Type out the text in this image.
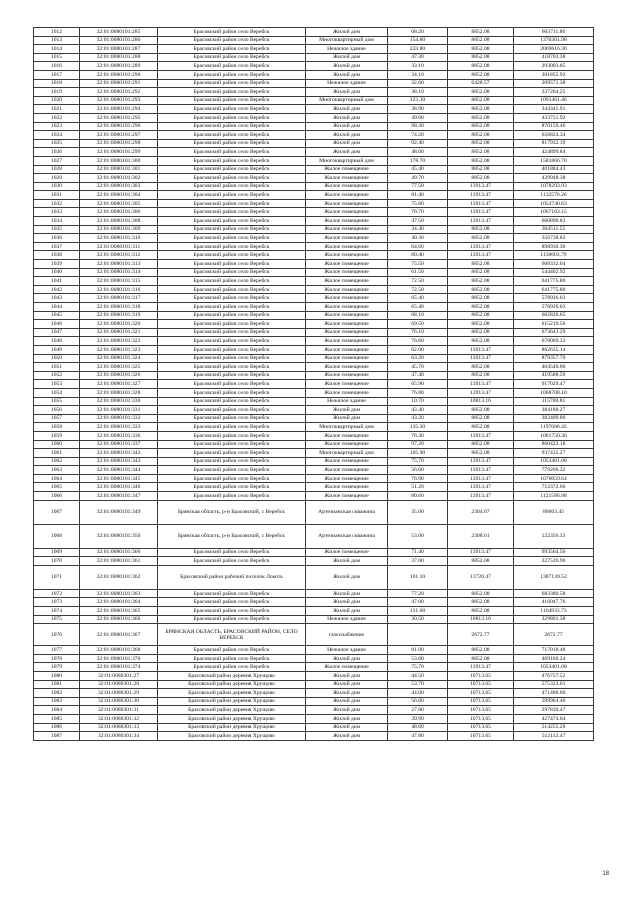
1012	32:01:0080101:285	Брасовский район село Веребск	Жилой дом	68.20	8852.08	603711.86
1013	32:01:0080101:286	Брасовский район село Веребск	Многоквартирный дом	154.80	8852.08	1370301.98
1014	32:01:0080101:287	Брасовский район село Веребск	Нежилое здание	233.80	8852.08	2069616.30
1015	32:01:0080101:288	Брасовский район село Веребск	Жилой дом	47.30	8852.08	418703.38
1016	32:01:0080101:289	Брасовский район село Веребск	Жилой дом	33.10	8852.08	293003.85
1017	32:01:0080101:290	Брасовский район село Веребск	Жилой дом	34.10	8852.08	301855.93
1018	32:01:0080101:291	Брасовский район село Веребск	Нежилое здание	32.60	6428.57	209571.38
1019	32:01:0080101:292	Брасовский район село Веребск	Жилой дом	38.10	8852.08	337264.25
1020	32:01:0080101:293	Брасовский район село Веребск	Многоквартирный дом	123.30	8852.08	1091461.46
1021	32:01:0080101:294	Брасовский район село Веребск	Жилой дом	38.90	8852.08	344345.91
1022	32:01:0080101:295	Брасовский район село Веребск	Жилой дом	49.00	8852.08	433751.92
1023	32:01:0080101:296	Брасовский район село Веребск	Жилой дом	98.30	8852.08	870159.46
1024	32:01:0080101:297	Брасовский район село Веребск	Жилой дом	74.20	8852.08	656824.34
1025	32:01:0080101:298	Брасовский район село Веребск	Жилой дом	92.40	8852.08	817932.19
1026	32:01:0080101:299	Брасовский район село Веребск	Жилой дом	48.00	8852.08	424899.84
1027	32:01:0080101:300	Брасовский район село Веребск	Многоквартирный дом	178.70	8852.08	1581866.70
1028	32:01:0080101:301	Брасовский район село Веребск	Жилое помещение	45.40	8852.08	401884.43
1029	32:01:0080101:302	Брасовский район село Веребск	Жилое помещение	49.70	8852.08	439948.38
1030	32:01:0080101:303	Брасовский район село Веребск	Жилое помещение	77.50	13913.47	1078293.93
1031	32:01:0080101:304	Брасовский район село Веребск	Жилое помещение	81.40	13913.47	1132576.26
1032	32:01:0080101:305	Брасовский район село Веребск	Жилое помещение	75.80	13913.47	1054740.63
1033	32:01:0080101:306	Брасовский район село Веребск	Жилое помещение	76.70	13913.47	1067163.15
1034	32:01:0080101:308	Брасовский район село Веребск	Жилое помещение	47.50	13913.47	660890.83
1035	32:01:0080101:309	Брасовский район село Веребск	Жилое помещение	34.40	8852.08	304511.55
1036	32:01:0080101:310	Брасовский район село Веребск	Жилое помещение	40.30	8852.08	356738.82
1037	32:01:0080101:311	Брасовский район село Веребск	Жилое помещение	64.60	13913.47	898930.36
1038	32:01:0080101:312	Брасовский район село Веребск	Жилое помещение	80.40	13913.47	1118603.79
1039	32:01:0080101:313	Брасовский район село Веребск	Жилое помещение	75.50	8852.08	668332.04
1040	32:01:0080101:314	Брасовский район село Веребск	Жилое помещение	61.50	8852.08	544402.92
1041	32:01:0080101:315	Брасовский район село Веребск	Жилое помещение	72.50	8852.08	641775.80
1042	32:01:0080101:316	Брасовский район село Веребск	Жилое помещение	72.50	8852.08	641775.80
1043	32:01:0080101:317	Брасовский район село Веребск	Жилое помещение	65.40	8852.08	578926.03
1044	32:01:0080101:318	Брасовский район село Веребск	Жилое помещение	65.40	8852.08	578926.03
1045	32:01:0080101:319	Брасовский район село Веребск	Жилое помещение	68.10	8852.08	602826.65
1046	32:01:0080101:320	Брасовский район село Веребск	Жилое помещение	69.50	8852.08	615219.56
1047	32:01:0080101:321	Брасовский район село Веребск	Жилое помещение	76.10	8852.08	673643.29
1048	32:01:0080101:322	Брасовский район село Веребск	Жилое помещение	76.60	8852.08	678069.33
1049	32:01:0080101:323	Брасовский район село Веребск	Жилое помещение	62.00	13913.47	862635.14
1050	32:01:0080101:324	Брасовский район село Веребск	Жилое помещение	63.20	13913.47	879357.70
1051	32:01:0080101:325	Брасовский район село Веребск	Жилое помещение	45.70	8852.08	404540.06
1052	32:01:0080101:326	Брасовский район село Веребск	Жилое помещение	47.40	8852.08	419588.59
1053	32:01:0080101:327	Брасовский район село Веребск	Жилое помещение	65.90	13913.47	917029.47
1054	32:01:0080101:328	Брасовский район село Веребск	Жилое помещение	76.80	13913.47	1068708.10
1055	32:01:0080101:330	Брасовский район село Веребск	Нежилое здание	10.70	10813.16	115700.81
1056	32:01:0080101:331	Брасовский район село Веребск	Жилой дом	43.40	8852.08	384180.27
1057	32:01:0080101:332	Брасовский район село Веребск	Жилой дом	43.20	8852.08	382409.86
1058	32:01:0080101:333	Брасовский район село Веребск	Многоквартирный дом	135.30	8852.08	1197686.42
1059	32:01:0080101:336	Брасовский район село Веребск	Жилое помещение	76.30	13913.47	1061750.36
1060	32:01:0080101:337	Брасовский район село Веребск	Жилое помещение	97.20	8852.08	860422.18
1061	32:01:0080101:342	Брасовский район село Веребск	Многоквартирный дом	105.90	8852.08	937435.27
1062	32:01:0080101:343	Брасовский район село Веребск	Жилое помещение	75.70	13913.47	1053401.08
1063	32:01:0080101:344	Брасовский район село Веребск	Жилое помещение	56.00	13913.47	779266.32
1064	32:01:0080101:345	Брасовский район село Веребск	Жилое помещение	76.90	13913.47	1070059.64
1065	32:01:0080101:346	Брасовский район село Веребск	Жилое помещение	51.20	13913.47	712372.66
1066	32:01:0080101:347	Брасовский район село Веребск	Жилое помещение	80.60	13913.47	1121586.88
1067	32:01:0080101:349	Брянская область, р-н Брасовский, с Веребск	Артезианская скважина	35.00	2304.67	80663.45
1068	32:01:0080101:350	Брянская область, р-н Брасовский, с Веребск	Артезианская скважина	53.00	2308.61	122356.33
1069	32:01:0080101:360	Брасовский район село Веребск	Жилое помещение	71.40	13913.47	993564.56
1070	32:01:0080101:361	Брасовский район село Веребск	Жилой дом	37.00	8852.08	327526.96
1071	32:01:0080101:362	Брасовский район рабочий поселок Локоть	Жилой дом	101.10	13720.47	1387139.52
1072	32:01:0080101:363	Брасовский район село Веребск	Жилой дом	77.20	8852.08	683380.58
1073	32:01:0080101:364	Брасовский район село Веребск	Жилой дом	47.00	8852.08	416047.76
1074	32:01:0080101:365	Брасовский район село Веребск	Жилой дом	131.60	8852.08	1164933.73
1075	32:01:0080101:366	Брасовский район село Веребск	Нежилое здание	30.50	10813.16	329801.38
1076	32:01:0080101:367	БРЯНСКАЯ ОБЛАСТЬ, БРАСОВСКИЙ РАЙОН, СЕЛО ВЕРЕБСК	газоснабжение		2672.77	2672.77
1077	32:01:0080101:368	Брасовский район село Веребск	Нежилое здание	81.00	8852.08	717018.48
1078	32:01:0080101:370	Брасовский район село Веребск	Жилой дом	53.00	8852.08	469160.24
1079	32:01:0080101:374	Брасовский район село Веребск	Жилое помещение	75.70	13913.47	1053401.08
1080	32:01:0080301:27	Брасовский район деревня Хрущово	Жилой дом	44.50	10713.65	476757.52
1081	32:01:0080301:28	Брасовский район деревня Хрущово	Жилой дом	53.70	10713.65	575323.01
1082	32:01:0080301:29	Брасовский район деревня Хрущово	Жилой дом	44.00	10713.65	471400.60
1083	32:01:0080301:30	Брасовский район деревня Хрущово	Жилой дом	56.00	10713.65	599964.40
1084	32:01:0080301:31	Брасовский район деревня Хрущово	Жилой дом	27.80	10713.65	297839.47
1085	32:01:0080301:32	Брасовский район деревня Хрущово	Жилой дом	39.90	10713.65	427474.64
1086	32:01:0080301:33	Брасовский район деревня Хрущово	Жилой дом	48.00	10713.65	514255.20
1087	32:01:0080301:34	Брасовский район деревня Хрущово	Жилой дом	47.80	10713.65	512112.47
18
